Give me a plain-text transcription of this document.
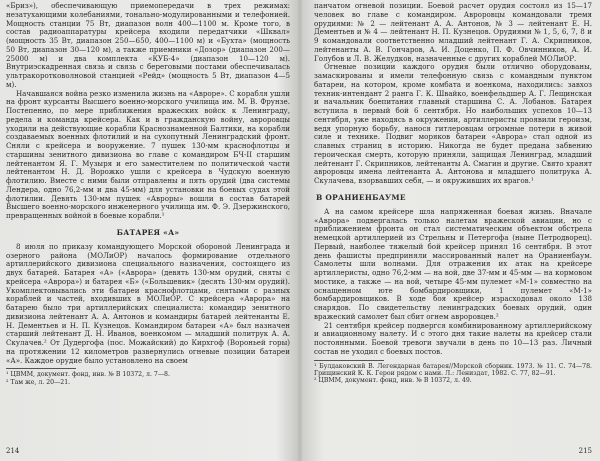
«Бриз»), обеспечивающую приемопередачи в трех режимах: незатухающими колебаниями, тонально-модулированными и телефонией. Мощность станции 75 Вт, диапазон волн 400—1100 м. Кроме того, в состав радиоаппаратуры крейсера входили передатчики «Шквал» (мощность 35 Вт, диапазон 250—650, 400—1100 м) и «Бухта» (мощность 50 Вт, диапазон 30—120 м), а также приемники «Дозор» (диапазон 200—25000 м) и два комплекта «КУБ-4» (диапазон 10—120 м). Внутриэскадренная связь и связь с береговыми постами обеспечивалась ультракоротковолновой станцией «Рейд» (мощность 5 Вт, диапазон 4—5 м).

Начавшаяся война резко изменила жизнь на «Авроре». С корабля ушли на фронт курсанты Высшего военно-морского училища им. М. В. Фрунзе. Постепенно, по мере приближения вражеских войск к Ленинграду, редела и команда крейсера. Как и в гражданскую войну, авроровцы уходили на действующие корабли Краснознаменной Балтики, на корабли создаваемых военных флотилий и на сухопутный Ленинградский фронт. Сняли с крейсера и вооружение. 7 пушек 130-мм краснофлотцы и старшины зенитного дивизиона во главе с командиром БЧ-II старшим лейтенантом Я. Г. Музыря и его заместителем по политической части лейтенантом Н. Д. Ворожко ушли с крейсера в Чудскую военную флотилию. Вместе с ними были отправлены и пять орудий (два системы Лендера, одно 76,2-мм и два 45-мм) для установки на боевых судах этой флотилии. Девять 130-мм пушек «Авроры» вошли в состав батарей Высшего военно-морского инженерного училища им. Ф. Э. Дзержинского, превращенных войной в боевые корабли.¹

БАТАРЕЯ «А»

8 июля по приказу командующего Морской обороной Ленинграда и озерного района (МОЛиОР) началось формирование отдельного артиллерийского дивизиона специального назначения, состоящего из двух батарей. Батарея «А» («Аврора» (девять 130-мм орудий, сняты с крейсера «Аврора») и батарея «Б» («Большевик» (десять 130-мм орудий). Укомплектовывались эти батареи краснофлотцами, снятыми с разных кораблей и частей, входивших в МОЛиОР. С крейсера «Аврора» на батарею было три артиллерийских специалиста: командир зенитного дивизиона лейтенант А. А. Антонов и командиры батарей лейтенанты Е. Н. Дементьев и Н. П. Кузнецов. Командиром батареи «А» был назначен старший лейтенант Д. Н. Иванов, военкомом — младший политрук А. А. Скулачев.² От Дудергофа (пос. Можайский) до Кирхгоф (Вороньей горы) на протяжении 12 километров развернулись огневые позиции батареи «А». Каждое орудие было установлено на своем

¹ ЦВММ, документ. фонд, инв. № В 10372, л. 7—8.

² Там же, л. 20—21.

214

панчатом огневой позиции. Боевой расчет орудия состоял из 15—17 человек во главе с командиром. Авроровцы командовали тремя орудиями: № 2 — лейтенант А. А. Антонов, № 3 — лейтенант Е. Н. Дементьев и № 4 — лейтенант Н. П. Кузнецов. Орудиями № 1, 5, 6, 7, 8 и 9 командовали соответственно младший лейтенант Г. А. Скрипников, лейтенанты А. В. Гончаров, А. И. Доценко, П. Ф. Овчинников, А. И. Голубов и Л. В. Желудков, назначенные с других кораблей МОЛиОР.

Огневые позиции каждого орудия были отлично оборудованы, замаскированы и имели телефонную связь с командным пунктом батареи, на котором, кроме комбата и военкома, находились: завхоз техник-интендант 2 ранга Г. К. Швайко, военфельдшер А. Г. Лещинская и начальник боепитания главный старшина С. А. Лобанов. Батарея вступила в первый бой 6 сентября. Но наибольших успехов 10—13 сентября, уже находясь в окружении, артиллеристы проявили героизм, ведя упорную борьбу, нанося гитлеровцам огромные потери в живой силе и технике. Подвиг моряков батареи «Аврора» стал одной из славных страниц в историю. Никогда не будет предана забвению героическая смерть, которую приняли, защищая Ленинград, младший лейтенант Г. Скрипников, лейтенанты А. Смагин и другие. Свято хранят авроровцы имена лейтенанта А. Антонова и младшего политрука А. Скулачева, взорвавших себя, — и окруживших их врагов.¹

В ОРАНИЕНБАУМЕ

А на самом крейсере шла напряженная боевая жизнь. Вначале «Аврора» подвергалась только налетам вражеской авиации, но с приближением фронта он стал систематическим объектом обстрела немецкой артиллерией из Стрельны и Петергофа (ныне Петродворец). Первый, наиболее тяжелый бой крейсер принял 16 сентября. В этот день фашисты предприняли массированный налет на Ораниенбаум. Самолеты шли волнами. Для отражения их атак на крейсере артиллеристы, одно 76,2-мм — на вой, две 37-мм и 45-мм — на кормовом мостике, а также — на вой, четыре 45-мм пулемет «М-1» совместно на оснащенном юте бомбардировщики, 1 пулемет «М-1» бомбардировщиков. В ходе боя крейсер израсходовал около 138 снарядов. По свидетельству ленинградских боевых орудий, один вражеский самолет был сбит огнем авроровцев.²

21 сентября крейсер подвергся комбинированному артиллерийскому и авиационному налету. И с этого дня такие налеты на крейсер стали постоянными. Боевой тревоги звучали в день по 10—13 раз. Личный состав не уходил с боевых постов.

¹ Булдаковский В. Легендарная батарея//Морской сборник. 1973. № 11. С. 74—78. Грищинский К. К. Герои рядом с нами. Л.: Лениздат, 1982. С. 77, 82—91.

² ЦВММ, документ. фонд, инв. № В 10372, л. 49.

215
